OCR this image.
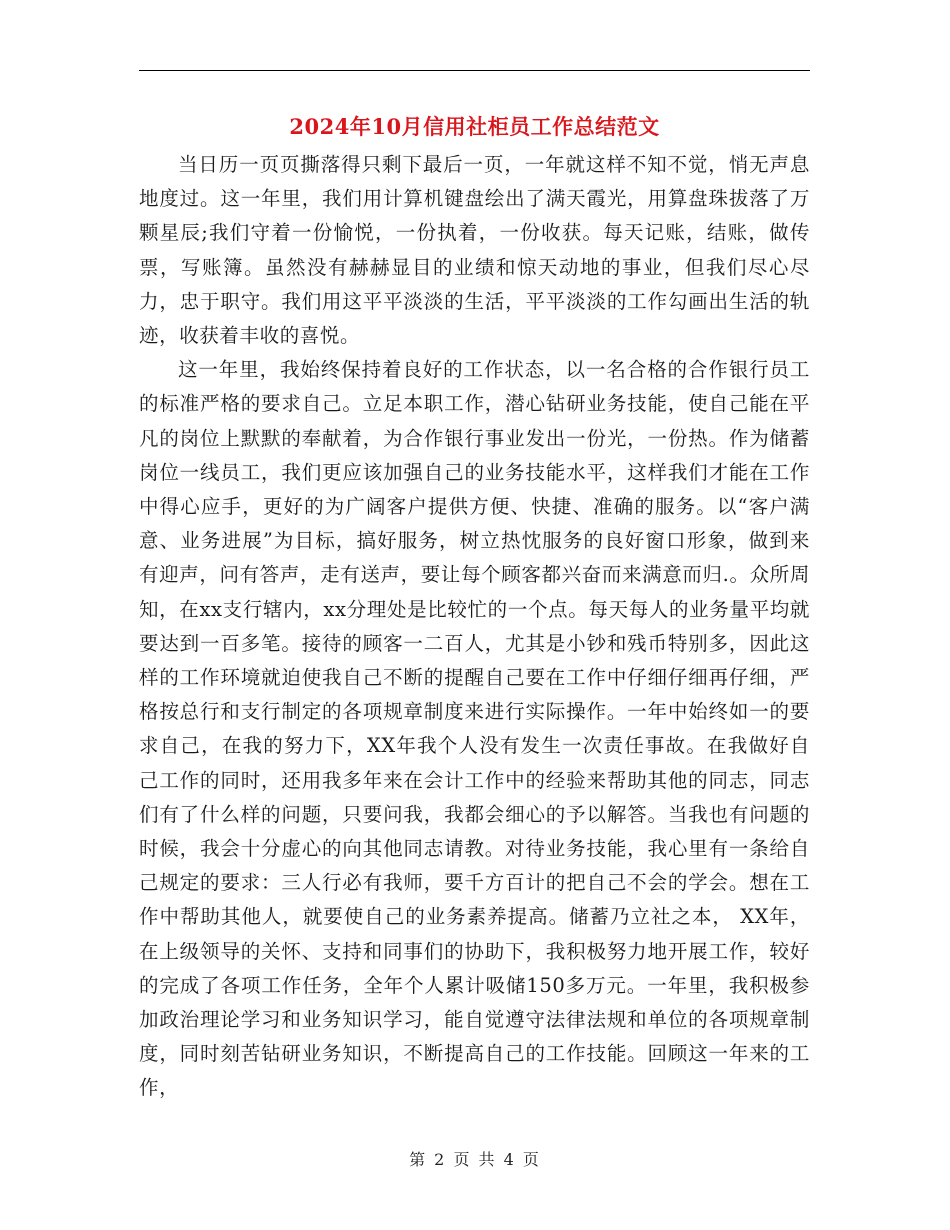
2024年10月信用社柜员工作总结范文

当日历一页页撕落得只剩下最后一页，一年就这样不知不觉，悄无声息地度过。这一年里，我们用计算机键盘绘出了满天霞光，用算盘珠拔落了万颗星辰;我们守着一份愉悦，一份执着，一份收获。每天记账，结账，做传票，写账簿。虽然没有赫赫显目的业绩和惊天动地的事业，但我们尽心尽力，忠于职守。我们用这平平淡淡的生活，平平淡淡的工作勾画出生活的轨迹，收获着丰收的喜悦。

这一年里，我始终保持着良好的工作状态，以一名合格的合作银行员工的标准严格的要求自己。立足本职工作，潜心钻研业务技能，使自己能在平凡的岗位上默默的奉献着，为合作银行事业发出一份光，一份热。作为储蓄岗位一线员工，我们更应该加强自己的业务技能水平，这样我们才能在工作中得心应手，更好的为广阔客户提供方便、快捷、准确的服务。以“客户满意、业务进展”为目标，搞好服务，树立热忱服务的良好窗口形象，做到来有迎声，问有答声，走有送声，要让每个顾客都兴奋而来满意而归.。众所周知，在xx支行辖内，xx分理处是比较忙的一个点。每天每人的业务量平均就要达到一百多笔。接待的顾客一二百人，尤其是小钞和残币特别多，因此这样的工作环境就迫使我自己不断的提醒自己要在工作中仔细仔细再仔细，严格按总行和支行制定的各项规章制度来进行实际操作。一年中始终如一的要求自己，在我的努力下，XX年我个人没有发生一次责任事故。在我做好自己工作的同时，还用我多年来在会计工作中的经验来帮助其他的同志，同志们有了什么样的问题，只要问我，我都会细心的予以解答。当我也有问题的时候，我会十分虚心的向其他同志请教。对待业务技能，我心里有一条给自己规定的要求：三人行必有我师，要千方百计的把自己不会的学会。想在工作中帮助其他人，就要使自己的业务素养提高。储蓄乃立社之本， XX年，在上级领导的关怀、支持和同事们的协助下，我积极努力地开展工作，较好的完成了各项工作任务，全年个人累计吸储150多万元。一年里，我积极参加政治理论学习和业务知识学习，能自觉遵守法律法规和单位的各项规章制度，同时刻苦钻研业务知识，不断提高自己的工作技能。回顾这一年来的工作，

第 2 页 共 4 页
